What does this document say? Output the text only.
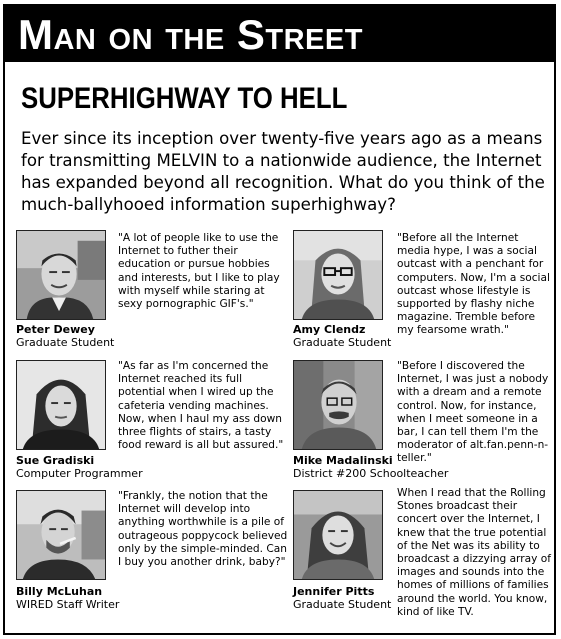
Man on the Street
SUPERHIGHWAY TO HELL

Ever since its inception over twenty-five years ago as a means for transmitting MELVIN to a nationwide audience, the Internet has expanded beyond all recognition. What do you think of the much-ballyhooed information superhighway?

Peter Dewey
Graduate Student

"A lot of people like to use the Internet to futher their education or pursue hobbies and interests, but I like to play with myself while staring at sexy pornographic GIF's."

Amy Clendz
Graduate Student

"Before all the Internet media hype, I was a social outcast with a penchant for computers. Now, I'm a social outcast whose lifestyle is supported by flashy niche magazine. Tremble before my fearsome wrath."

Sue Gradiski
Computer Programmer

"As far as I'm concerned the Internet reached its full potential when I wired up the cafeteria vending machines. Now, when I haul my ass down three flights of stairs, a tasty food reward is all but assured."

Mike Madalinski
District #200 Schoolteacher

"Before I discovered the Internet, I was just a nobody with a dream and a remote control. Now, for instance, when I meet someone in a bar, I can tell them I'm the moderator of alt.fan.penn-n-teller."

Billy McLuhan
WIRED Staff Writer

"Frankly, the notion that the Internet will develop into anything worthwhile is a pile of outrageous poppycock believed only by the simple-minded. Can I buy you another drink, baby?"

Jennifer Pitts
Graduate Student

When I read that the Rolling Stones broadcast their concert over the Internet, I knew that the true potential of the Net was its ability to broadcast a dizzying array of images and sounds into the homes of millions of families around the world. You know, kind of like TV.
